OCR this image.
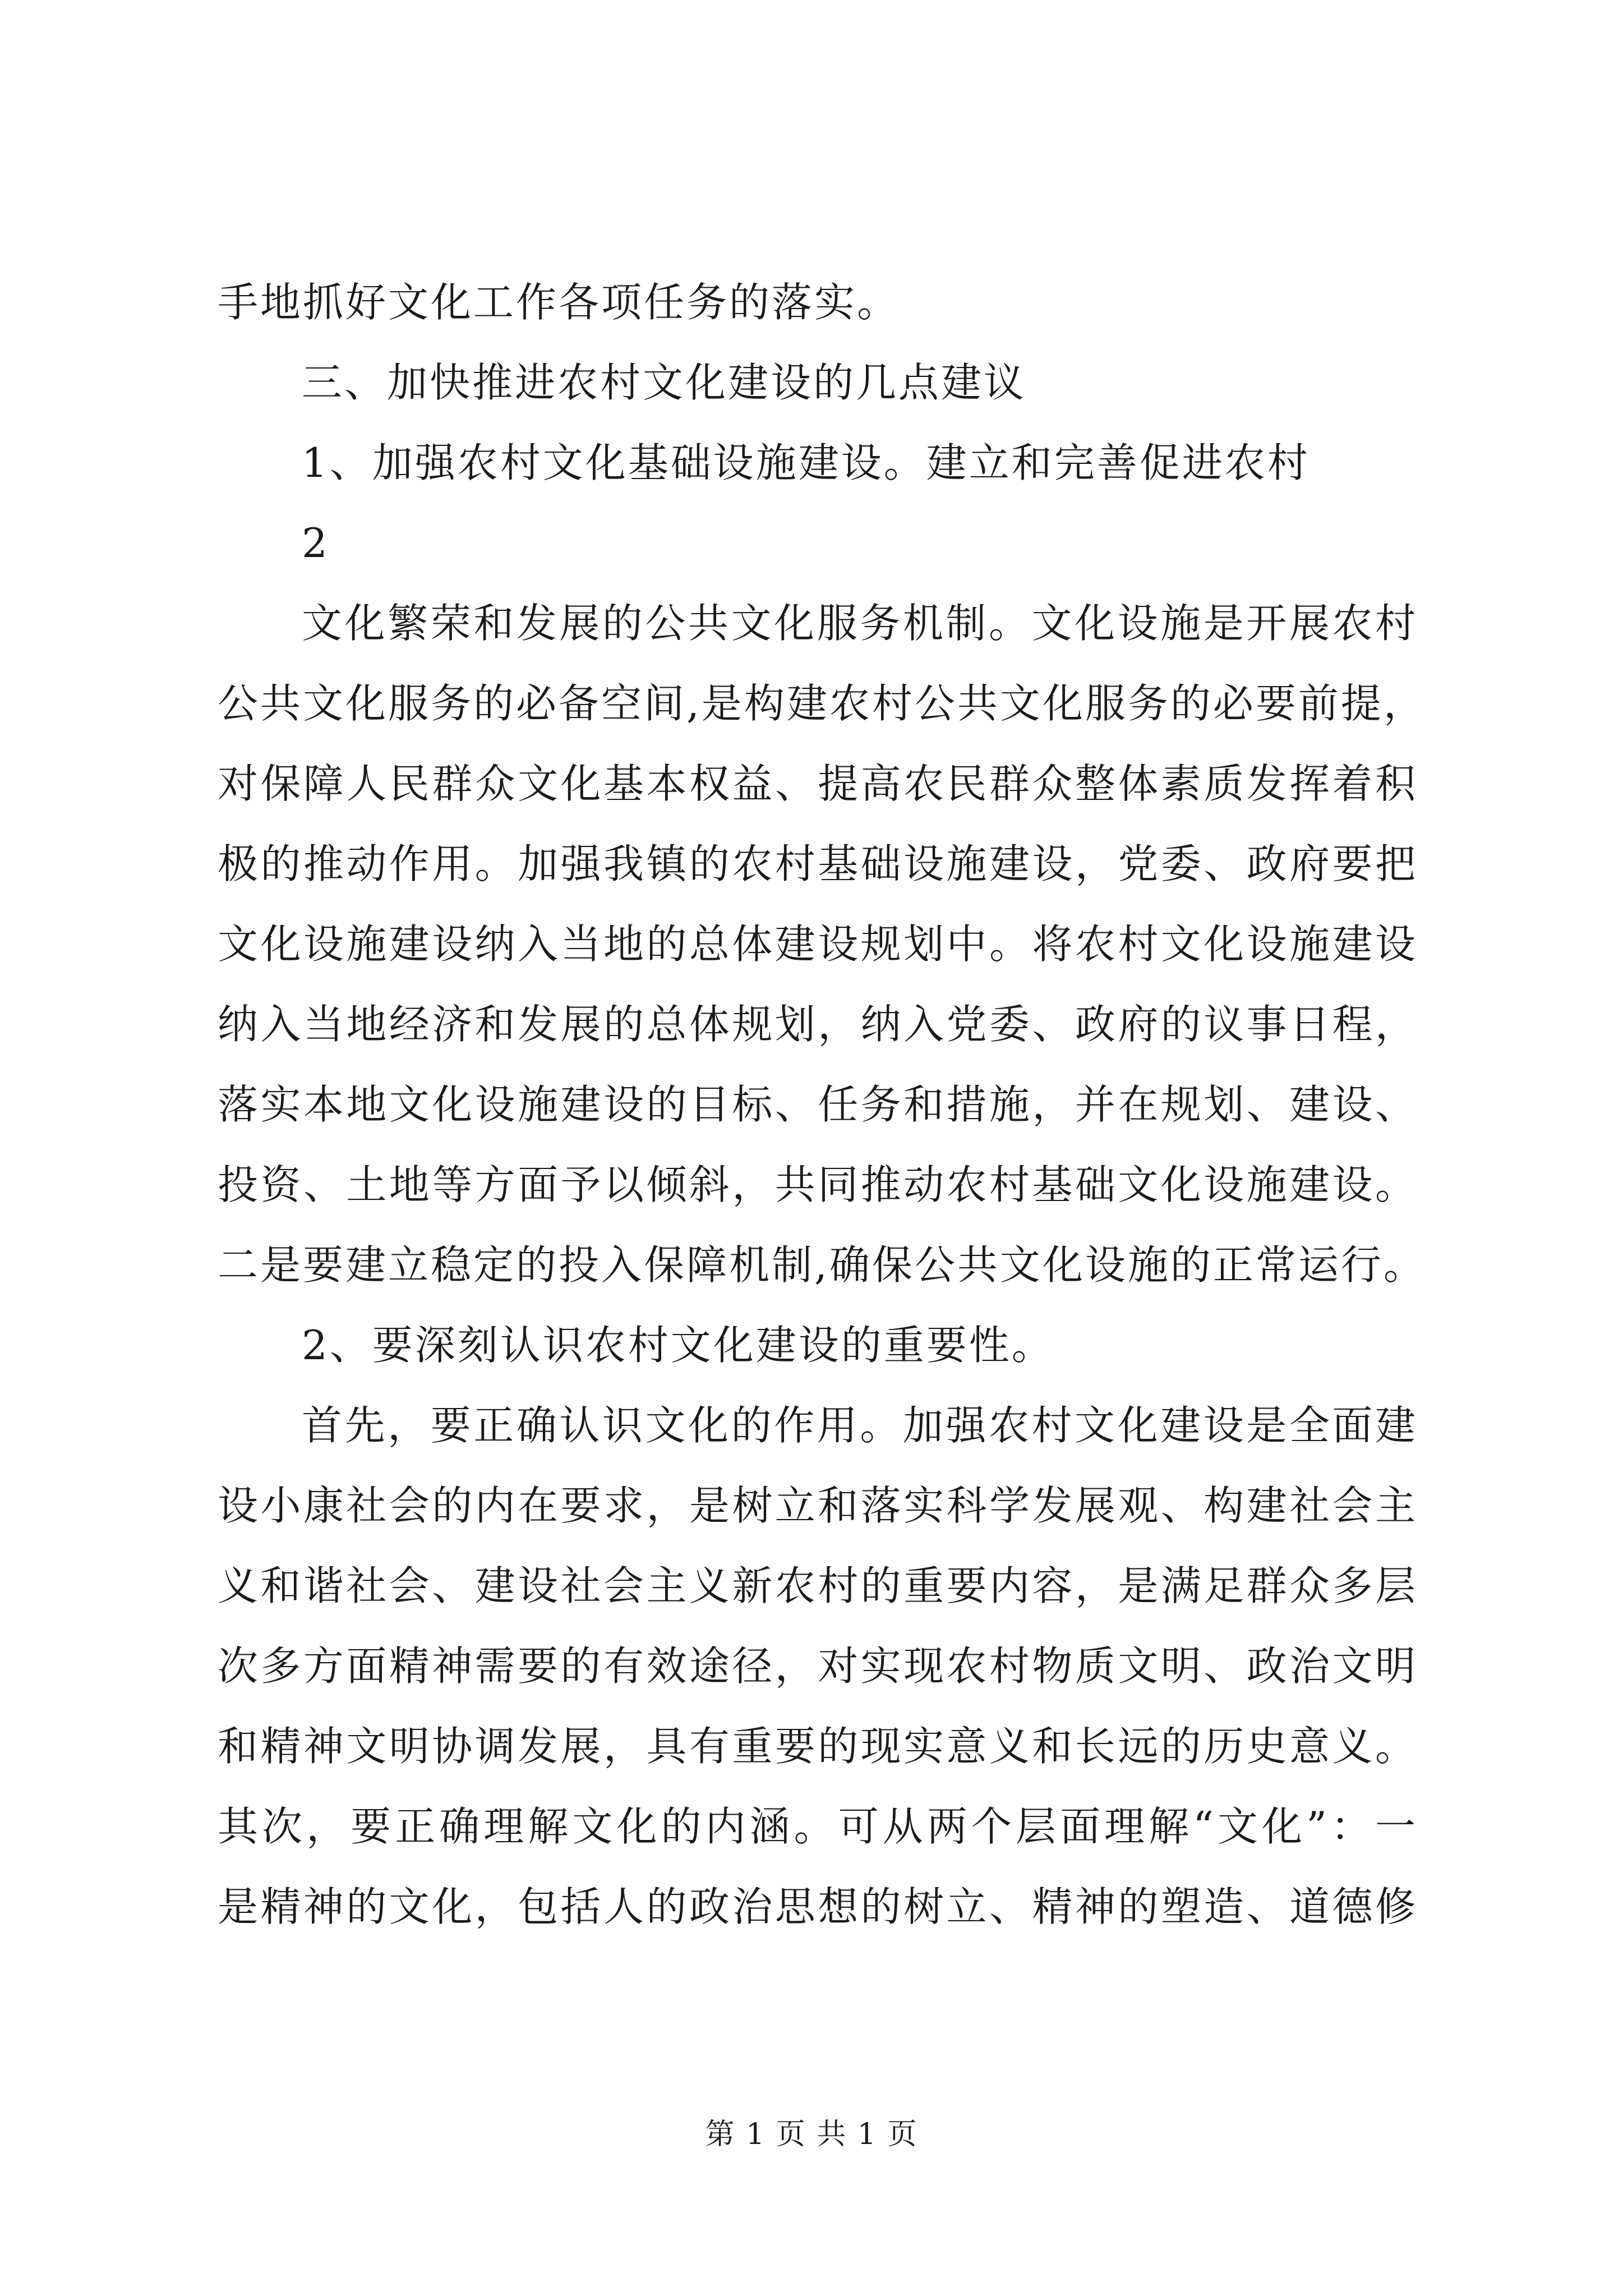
手地抓好文化工作各项任务的落实。
三、加快推进农村文化建设的几点建议
1、加强农村文化基础设施建设。建立和完善促进农村
2
文化繁荣和发展的公共文化服务机制。文化设施是开展农村
公共文化服务的必备空间,是构建农村公共文化服务的必要前提，
对保障人民群众文化基本权益、提高农民群众整体素质发挥着积
极的推动作用。加强我镇的农村基础设施建设，党委、政府要把
文化设施建设纳入当地的总体建设规划中。将农村文化设施建设
纳入当地经济和发展的总体规划，纳入党委、政府的议事日程，
落实本地文化设施建设的目标、任务和措施，并在规划、建设、
投资、土地等方面予以倾斜，共同推动农村基础文化设施建设。
二是要建立稳定的投入保障机制,确保公共文化设施的正常运行。
2、要深刻认识农村文化建设的重要性。
首先，要正确认识文化的作用。加强农村文化建设是全面建
设小康社会的内在要求，是树立和落实科学发展观、构建社会主
义和谐社会、建设社会主义新农村的重要内容，是满足群众多层
次多方面精神需要的有效途径，对实现农村物质文明、政治文明
和精神文明协调发展，具有重要的现实意义和长远的历史意义。
其次，要正确理解文化的内涵。可从两个层面理解“文化”：一
是精神的文化，包括人的政治思想的树立、精神的塑造、道德修
第 1 页 共 1 页
